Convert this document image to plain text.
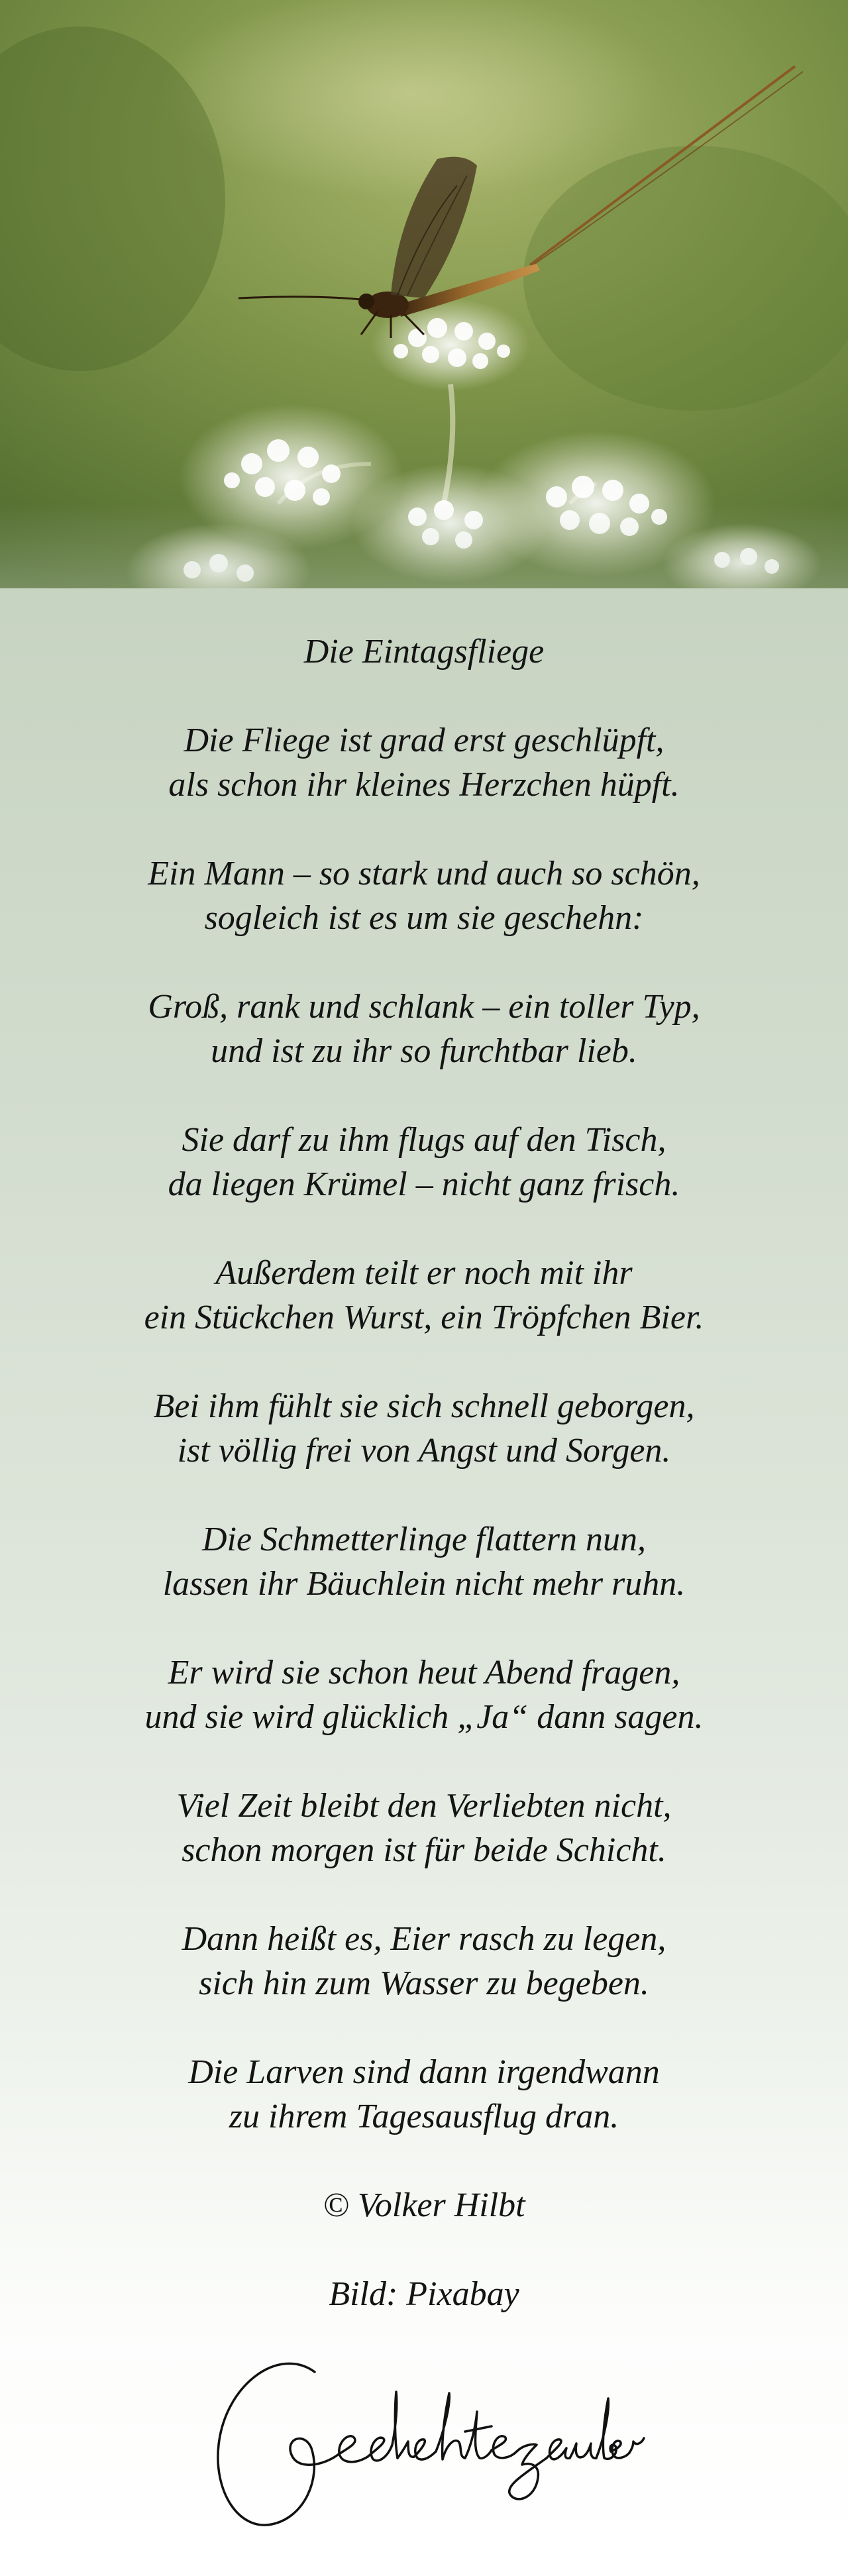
Die Eintagsfliege
Die Fliege ist grad erst geschlüpft,
als schon ihr kleines Herzchen hüpft.
Ein Mann – so stark und auch so schön,
sogleich ist es um sie geschehn:
Groß, rank und schlank – ein toller Typ,
und ist zu ihr so furchtbar lieb.
Sie darf zu ihm flugs auf den Tisch,
da liegen Krümel – nicht ganz frisch.
Außerdem teilt er noch mit ihr
ein Stückchen Wurst, ein Tröpfchen Bier.
Bei ihm fühlt sie sich schnell geborgen,
ist völlig frei von Angst und Sorgen.
Die Schmetterlinge flattern nun,
lassen ihr Bäuchlein nicht mehr ruhn.
Er wird sie schon heut Abend fragen,
und sie wird glücklich „Ja“ dann sagen.
Viel Zeit bleibt den Verliebten nicht,
schon morgen ist für beide Schicht.
Dann heißt es, Eier rasch zu legen,
sich hin zum Wasser zu begeben.
Die Larven sind dann irgendwann
zu ihrem Tagesausflug dran.
© Volker Hilbt
Bild: Pixabay
